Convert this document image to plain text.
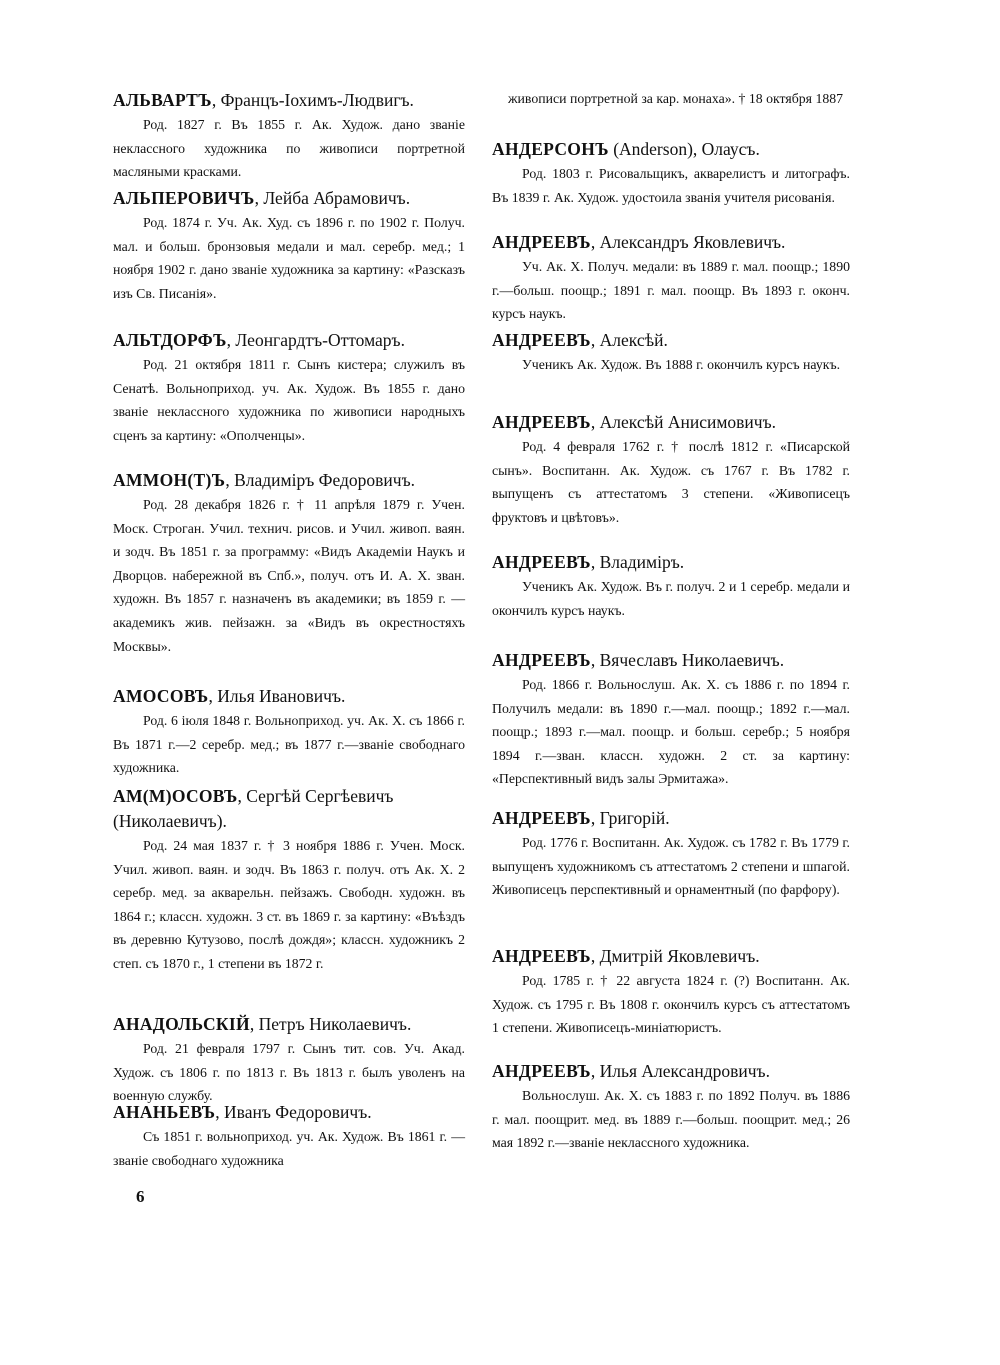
АЛЬВАРТЪ, Францъ-Іохимъ-Людвигъ.
Род. 1827 г. Въ 1855 г. Ак. Худож. дано званіе неклассного художника по живописи портретной масляными красками.
АЛЬПЕРОВИЧЪ, Лейба Абрамовичъ.
Род. 1874 г. Уч. Ак. Худ. съ 1896 г. по 1902 г. Получ. мал. и больш. бронзовыя медали и мал. серебр. мед.; 1 ноября 1902 г. дано званіе художника за картину: «Разсказъ изъ Св. Писанія».
АЛЬТДОРФЪ, Леонгардтъ-Оттомаръ.
Род. 21 октября 1811 г. Сынъ кистера; служилъ въ Сенатѣ. Вольноприход. уч. Ак. Худож. Въ 1855 г. дано званіе неклассного художника по живописи народныхъ сценъ за картину: «Ополченцы».
АММОН(Т)Ъ, Владиміръ Федоровичъ.
Род. 28 декабря 1826 г. † 11 апрѣля 1879 г. Учен. Моск. Строган. Учил. технич. рисов. и Учил. живоп. ваян. и зодч. Въ 1851 г. за программу: «Видъ Академіи Наукъ и Дворцов. набережной въ Спб.», получ. отъ И. А. Х. зван. художн. Въ 1857 г. назначенъ въ академики; въ 1859 г. — академикъ жив. пейзажн. за «Видъ въ окрестностяхъ Москвы».
АМОСОВЪ, Илья Ивановичъ.
Род. 6 іюля 1848 г. Вольноприход. уч. Ак. Х. съ 1866 г. Въ 1871 г.—2 серебр. мед.; въ 1877 г.—званіе свободнаго художника.
АМ(М)ОСОВЪ, Сергѣй Сергѣевичъ (Николаевичъ).
Род. 24 мая 1837 г. † 3 ноября 1886 г. Учен. Моск. Учил. живоп. ваян. и зодч. Въ 1863 г. получ. отъ Ак. Х. 2 серебр. мед. за акварельн. пейзажъ. Свободн. художн. въ 1864 г.; классн. художн. 3 ст. въ 1869 г. за картину: «Въѣздъ въ деревню Кутузово, послѣ дождя»; классн. художникъ 2 степ. съ 1870 г., 1 степени въ 1872 г.
АНАДОЛЬСКІЙ, Петръ Николаевичъ.
Род. 21 февраля 1797 г. Сынъ тит. сов. Уч. Акад. Худож. съ 1806 г. по 1813 г. Въ 1813 г. былъ уволенъ на военную службу.
АНАНЬЕВЪ, Иванъ Федоровичъ.
Съ 1851 г. вольноприход. уч. Ак. Худож. Въ 1861 г. — званіе свободнаго художника
живописи портретной за кар. монаха». † 18 октября 1887
АНДЕРСОНЪ (Anderson), Олаусъ.
Род. 1803 г. Рисовальщикъ, акварелистъ и литографъ. Въ 1839 г. Ак. Худож. удостоила званія учителя рисованія.
АНДРЕЕВЪ, Александръ Яковлевичъ.
Уч. Ак. Х. Получ. медали: въ 1889 г. мал. поощр.; 1890 г.—больш. поощр.; 1891 г. мал. поощр. Въ 1893 г. оконч. курсъ наукъ.
АНДРЕЕВЪ, Алексѣй.
Ученикъ Ак. Худож. Въ 1888 г. окончилъ курсъ наукъ.
АНДРЕЕВЪ, Алексѣй Анисимовичъ.
Род. 4 февраля 1762 г. † послѣ 1812 г. «Писарской сынъ». Воспитанн. Ак. Худож. съ 1767 г. Въ 1782 г. выпущенъ съ аттестатомъ 3 степени. «Живописецъ фруктовъ и цвѣтовъ».
АНДРЕЕВЪ, Владиміръ.
Ученикъ Ак. Худож. Въ г. получ. 2 и 1 серебр. медали и окончилъ курсъ наукъ.
АНДРЕЕВЪ, Вячеславъ Николаевичъ.
Род. 1866 г. Вольнослуш. Ак. Х. съ 1886 г. по 1894 г. Получилъ медали: въ 1890 г.—мал. поощр.; 1892 г.—мал. поощр.; 1893 г.—мал. поощр. и больш. серебр.; 5 ноября 1894 г.—зван. классн. художн. 2 ст. за картину: «Перспективный видъ залы Эрмитажа».
АНДРЕЕВЪ, Григорій.
Род. 1776 г. Воспитанн. Ак. Худож. съ 1782 г. Въ 1779 г. выпущенъ художникомъ съ аттестатомъ 2 степени и шпагой. Живописецъ перспективный и орнаментный (по фарфору).
АНДРЕЕВЪ, Дмитрій Яковлевичъ.
Род. 1785 г. † 22 августа 1824 г. (?) Воспитанн. Ак. Худож. съ 1795 г. Въ 1808 г. окончилъ курсъ съ аттестатомъ 1 степени. Живописецъ-миніатюристъ.
АНДРЕЕВЪ, Илья Александровичъ.
Вольнослуш. Ак. Х. съ 1883 г. по 1892 Получ. въ 1886 г. мал. поощрит. мед. въ 1889 г.—больш. поощрит. мед.; 26 мая 1892 г.—званіе неклассного художника.
6
